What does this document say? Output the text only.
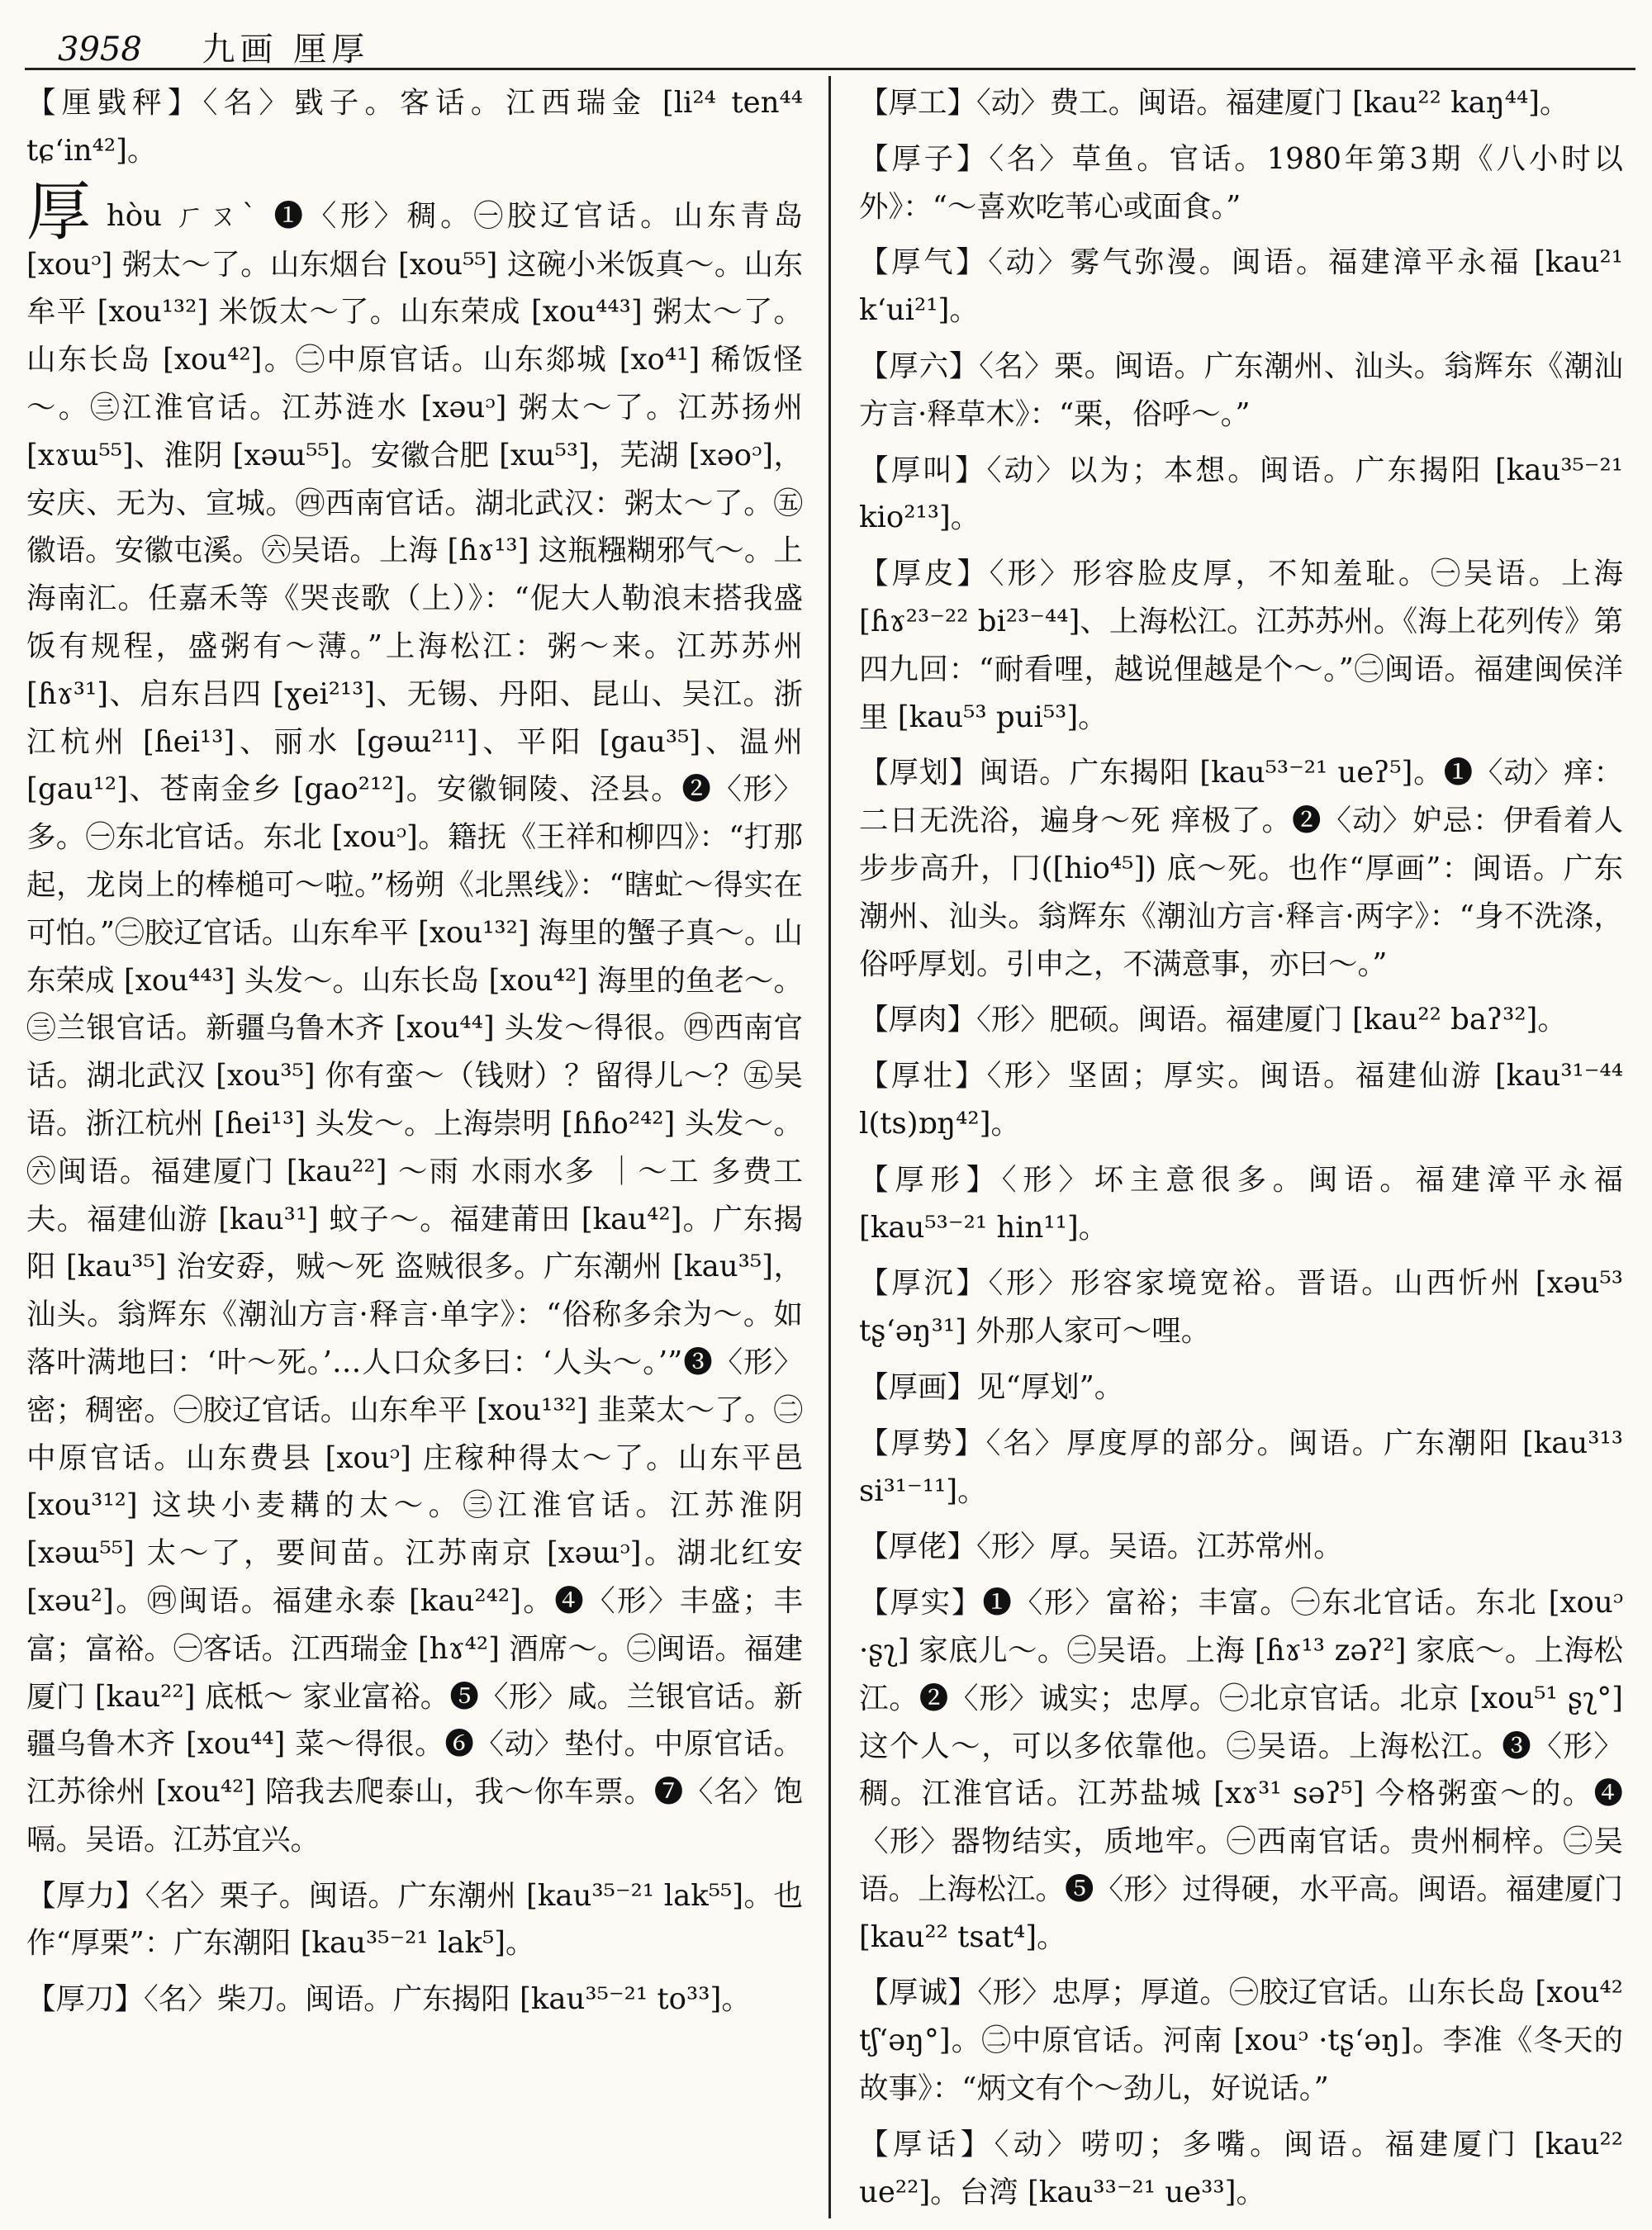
3958 九画 厘厚
【厘戥秤】〈名〉戥子。客话。江西瑞金 [li²⁴ ten⁴⁴ tɕʻin⁴²]。
厚hòu ㄏㄡˋ ❶〈形〉稠。㊀胶辽官话。山东青岛 [xouᵓ] 粥太～了。山东烟台 [xou⁵⁵] 这碗小米饭真～。山东牟平 [xou¹³²] 米饭太～了。山东荣成 [xou⁴⁴³] 粥太～了。山东长岛 [xou⁴²]。㊁中原官话。山东郯城 [xo⁴¹] 稀饭怪～。㊂江淮官话。江苏涟水 [xəuᵓ] 粥太～了。江苏扬州 [xɤɯ⁵⁵]、淮阴 [xəɯ⁵⁵]。安徽合肥 [xɯ⁵³]，芜湖 [xəoᵓ]，安庆、无为、宣城。㊃西南官话。湖北武汉：粥太～了。㊄徽语。安徽屯溪。㊅吴语。上海 [ɦɤ¹³] 这瓶糨糊邪气～。上海南汇。任嘉禾等《哭丧歌（上）》：“伲大人勒浪末搭我盛饭有规程，盛粥有～薄。”上海松江：粥～来。江苏苏州 [ɦɤ³¹]、启东吕四 [ɣei²¹³]、无锡、丹阳、昆山、吴江。浙江杭州 [ɦei¹³]、丽水 [gəɯ²¹¹]、平阳 [gau³⁵]、温州 [gau¹²]、苍南金乡 [gao²¹²]。安徽铜陵、泾县。❷〈形〉多。㊀东北官话。东北 [xouᵓ]。籍抚《王祥和柳四》：“打那起，龙岗上的棒槌可～啦。”杨朔《北黑线》：“瞎虻～得实在可怕。”㊁胶辽官话。山东牟平 [xou¹³²] 海里的蟹子真～。山东荣成 [xou⁴⁴³] 头发～。山东长岛 [xou⁴²] 海里的鱼老～。㊂兰银官话。新疆乌鲁木齐 [xou⁴⁴] 头发～得很。㊃西南官话。湖北武汉 [xou³⁵] 你有蛮～（钱财）？留得儿～？㊄吴语。浙江杭州 [ɦei¹³] 头发～。上海崇明 [ɦɦo²⁴²] 头发～。㊅闽语。福建厦门 [kau²²] ～雨 水雨水多 ｜～工 多费工夫。福建仙游 [kau³¹] 蚊子～。福建莆田 [kau⁴²]。广东揭阳 [kau³⁵] 治安孬，贼～死 盗贼很多。广东潮州 [kau³⁵]，汕头。翁辉东《潮汕方言·释言·单字》：“俗称多余为～。如落叶满地曰：‘叶～死。’…人口众多曰：‘人头～。’”❸〈形〉密；稠密。㊀胶辽官话。山东牟平 [xou¹³²] 韭菜太～了。㊁中原官话。山东费县 [xouᵓ] 庄稼种得太～了。山东平邑 [xou³¹²] 这块小麦耩的太～。㊂江淮官话。江苏淮阴 [xəɯ⁵⁵] 太～了，要间苗。江苏南京 [xəɯᵓ]。湖北红安 [xəu²]。㊃闽语。福建永泰 [kau²⁴²]。❹〈形〉丰盛；丰富；富裕。㊀客话。江西瑞金 [hɤ⁴²] 酒席～。㊁闽语。福建厦门 [kau²²] 底柢～ 家业富裕。❺〈形〉咸。兰银官话。新疆乌鲁木齐 [xou⁴⁴] 菜～得很。❻〈动〉垫付。中原官话。江苏徐州 [xou⁴²] 陪我去爬泰山，我～你车票。❼〈名〉饱嗝。吴语。江苏宜兴。
【厚力】〈名〉栗子。闽语。广东潮州 [kau³⁵⁻²¹ lak⁵⁵]。也作“厚栗”：广东潮阳 [kau³⁵⁻²¹ lak⁵]。
【厚刀】〈名〉柴刀。闽语。广东揭阳 [kau³⁵⁻²¹ to³³]。
【厚工】〈动〉费工。闽语。福建厦门 [kau²² kaŋ⁴⁴]。
【厚子】〈名〉草鱼。官话。1980年第3期《八小时以外》：“～喜欢吃苇心或面食。”
【厚气】〈动〉雾气弥漫。闽语。福建漳平永福 [kau²¹ kʻui²¹]。
【厚六】〈名〉栗。闽语。广东潮州、汕头。翁辉东《潮汕方言·释草木》：“栗，俗呼～。”
【厚叫】〈动〉以为；本想。闽语。广东揭阳 [kau³⁵⁻²¹ kio²¹³]。
【厚皮】〈形〉形容脸皮厚，不知羞耻。㊀吴语。上海 [ɦɤ²³⁻²² bi²³⁻⁴⁴]、上海松江。江苏苏州。《海上花列传》第四九回：“耐看哩，越说俚越是个～。”㊁闽语。福建闽侯洋里 [kau⁵³ pui⁵³]。
【厚划】闽语。广东揭阳 [kau⁵³⁻²¹ ueʔ⁵]。❶〈动〉痒：二日无洗浴，遍身～死 痒极了。❷〈动〉妒忌：伊看着人步步高升，冂([hio⁴⁵]) 底～死。也作“厚画”：闽语。广东潮州、汕头。翁辉东《潮汕方言·释言·两字》：“身不洗涤，俗呼厚划。引申之，不满意事，亦曰～。”
【厚肉】〈形〉肥硕。闽语。福建厦门 [kau²² baʔ³²]。
【厚壮】〈形〉坚固；厚实。闽语。福建仙游 [kau³¹⁻⁴⁴ l(ts)ɒŋ⁴²]。
【厚形】〈形〉坏主意很多。闽语。福建漳平永福 [kau⁵³⁻²¹ hin¹¹]。
【厚沉】〈形〉形容家境宽裕。晋语。山西忻州 [xəu⁵³ tʂʻəŋ³¹] 外那人家可～哩。
【厚画】见“厚划”。
【厚势】〈名〉厚度厚的部分。闽语。广东潮阳 [kau³¹³ si³¹⁻¹¹]。
【厚佬】〈形〉厚。吴语。江苏常州。
【厚实】❶〈形〉富裕；丰富。㊀东北官话。东北 [xouᵓ ·ʂʅ] 家底儿～。㊁吴语。上海 [ɦɤ¹³ zəʔ²] 家底～。上海松江。❷〈形〉诚实；忠厚。㊀北京官话。北京 [xou⁵¹ ʂʅ°] 这个人～，可以多依靠他。㊁吴语。上海松江。❸〈形〉稠。江淮官话。江苏盐城 [xɤ³¹ səʔ⁵] 今格粥蛮～的。❹〈形〉器物结实，质地牢。㊀西南官话。贵州桐梓。㊁吴语。上海松江。❺〈形〉过得硬，水平高。闽语。福建厦门 [kau²² tsat⁴]。
【厚诚】〈形〉忠厚；厚道。㊀胶辽官话。山东长岛 [xou⁴² tʃʻəŋ°]。㊁中原官话。河南 [xouᵓ ·tʂʻəŋ]。李准《冬天的故事》：“炳文有个～劲儿，好说话。”
【厚话】〈动〉唠叨；多嘴。闽语。福建厦门 [kau²² ue²²]。台湾 [kau³³⁻²¹ ue³³]。
